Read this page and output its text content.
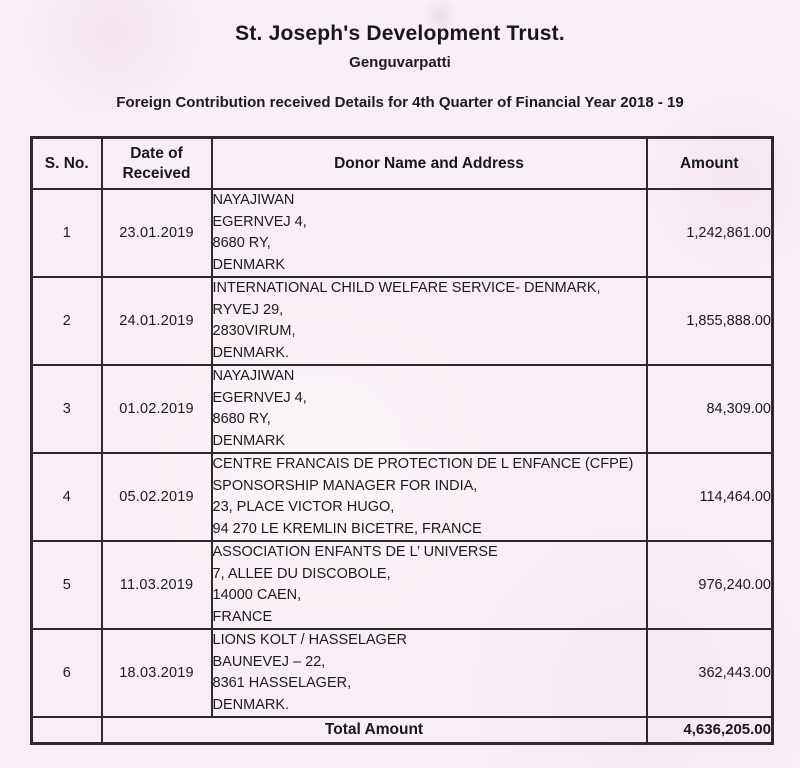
St. Joseph's Development Trust.
Genguvarpatti
Foreign Contribution received Details for 4th Quarter of Financial Year 2018 - 19
S. No.	Date of Received	Donor Name and Address	Amount
1	23.01.2019	NAYAJIWAN
EGERNVEJ 4,
8680 RY,
DENMARK	1,242,861.00
2	24.01.2019	INTERNATIONAL CHILD WELFARE SERVICE- DENMARK,
RYVEJ 29,
2830VIRUM,
DENMARK.	1,855,888.00
3	01.02.2019	NAYAJIWAN
EGERNVEJ 4,
8680 RY,
DENMARK	84,309.00
4	05.02.2019	CENTRE FRANCAIS DE PROTECTION DE L ENFANCE (CFPE)
SPONSORSHIP MANAGER FOR INDIA,
23, PLACE VICTOR HUGO,
94 270 LE KREMLIN BICETRE, FRANCE	114,464.00
5	11.03.2019	ASSOCIATION ENFANTS DE L’ UNIVERSE
7, ALLEE DU DISCOBOLE,
14000 CAEN,
FRANCE	976,240.00
6	18.03.2019	LIONS KOLT / HASSELAGER
BAUNEVEJ – 22,
8361 HASSELAGER,
DENMARK.	362,443.00
	Total Amount		4,636,205.00
